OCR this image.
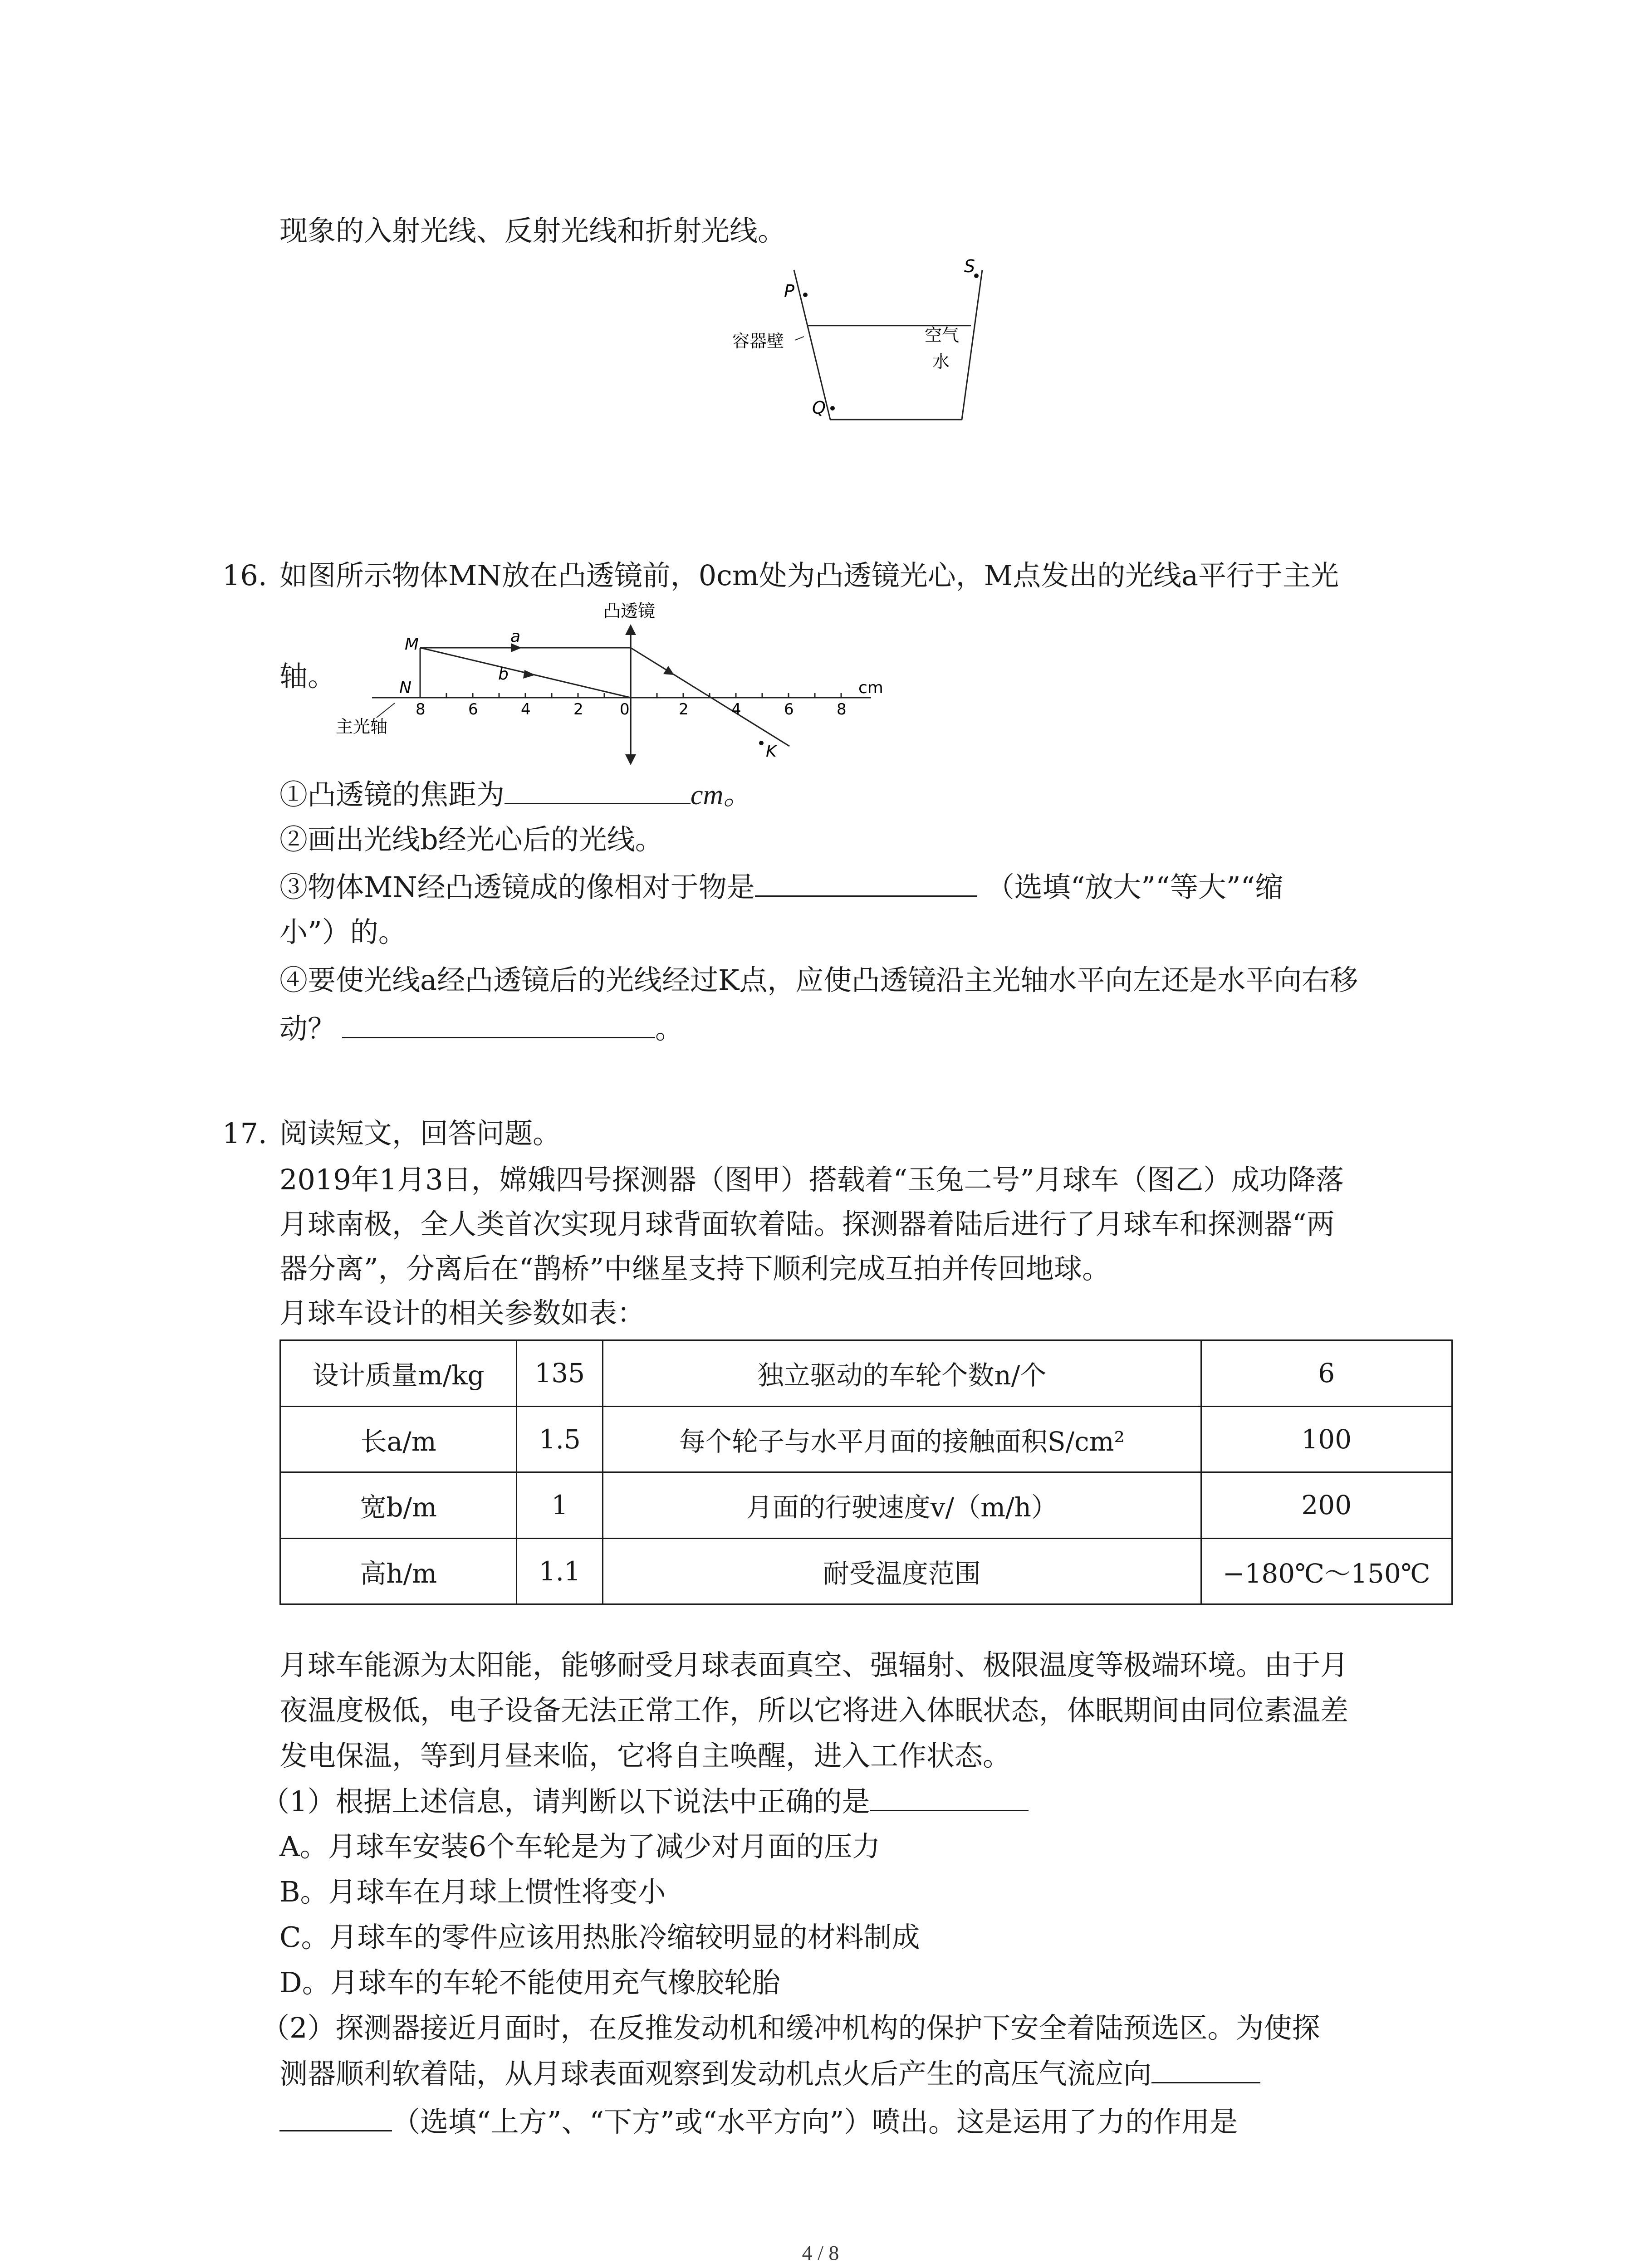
现象的入射光线、反射光线和折射光线。
S
P
Q
容器壁	空气
水
16. 如图所示物体MN放在凸透镜前，0cm处为凸透镜光心，M点发出的光线a平行于主光
轴。
凸透镜
M
N
a
b
K
主光轴
cm
8	6	4	2 0	2	4	6	8
①凸透镜的焦距为	cm。
②画出光线b经光心后的光线。
③物体MN经凸透镜成的像相对于物是	（选填“放大”“等大”“缩
小”）的。
④要使光线a经凸透镜后的光线经过K点，应使凸透镜沿主光轴水平向左还是水平向右移
动？	。
17. 阅读短文，回答问题。
2019年1月3日，嫦娥四号探测器（图甲）搭载着“玉兔二号”月球车（图乙）成功降落
月球南极，全人类首次实现月球背面软着陆。探测器着陆后进行了月球车和探测器“两
器分离”，分离后在“鹊桥”中继星支持下顺利完成互拍并传回地球。
月球车设计的相关参数如表：
设计质量m/kg	135	独立驱动的车轮个数n/个	6
长a/m	1.5	每个轮子与水平月面的接触面积S/cm²	100
宽b/m	1	月面的行驶速度v/（m/h）	200
高h/m	1.1	耐受温度范围	−180℃～150℃
月球车能源为太阳能，能够耐受月球表面真空、强辐射、极限温度等极端环境。由于月
夜温度极低，电子设备无法正常工作，所以它将进入体眠状态，体眠期间由同位素温差
发电保温，等到月昼来临，它将自主唤醒，进入工作状态。
（1）根据上述信息，请判断以下说法中正确的是
A。月球车安装6个车轮是为了减少对月面的压力
B。月球车在月球上惯性将变小
C。月球车的零件应该用热胀冷缩较明显的材料制成
D。月球车的车轮不能使用充气橡胶轮胎
（2）探测器接近月面时，在反推发动机和缓冲机构的保护下安全着陆预选区。为使探
测器顺利软着陆，从月球表面观察到发动机点火后产生的高压气流应向
（选填“上方”、“下方”或“水平方向”）喷出。这是运用了力的作用是
4 / 8
